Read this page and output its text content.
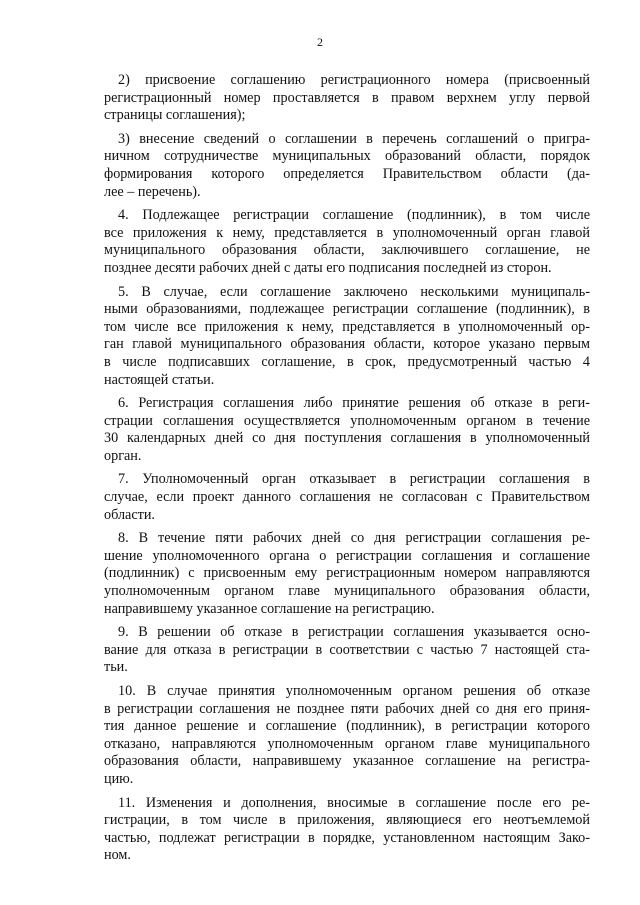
2

2) присвоение соглашению регистрационного номера (присвоенный
регистрационный номер проставляется в правом верхнем углу первой
страницы соглашения);

3) внесение сведений о соглашении в перечень соглашений о пригра-
ничном сотрудничестве муниципальных образований области, порядок
формирования которого определяется Правительством области (да-
лее – перечень).

4. Подлежащее регистрации соглашение (подлинник), в том числе
все приложения к нему, представляется в уполномоченный орган главой
муниципального образования области, заключившего соглашение, не
позднее десяти рабочих дней с даты его подписания последней из сторон.

5. В случае, если соглашение заключено несколькими муниципаль-
ными образованиями, подлежащее регистрации соглашение (подлинник), в
том числе все приложения к нему, представляется в уполномоченный ор-
ган главой муниципального образования области, которое указано первым
в числе подписавших соглашение, в срок, предусмотренный частью 4
настоящей статьи.

6. Регистрация соглашения либо принятие решения об отказе в реги-
страции соглашения осуществляется уполномоченным органом в течение
30 календарных дней со дня поступления соглашения в уполномоченный
орган.

7. Уполномоченный орган отказывает в регистрации соглашения в
случае, если проект данного соглашения не согласован с Правительством
области.

8. В течение пяти рабочих дней со дня регистрации соглашения ре-
шение уполномоченного органа о регистрации соглашения и соглашение
(подлинник) с присвоенным ему регистрационным номером направляются
уполномоченным органом главе муниципального образования области,
направившему указанное соглашение на регистрацию.

9. В решении об отказе в регистрации соглашения указывается осно-
вание для отказа в регистрации в соответствии с частью 7 настоящей ста-
тьи.

10. В случае принятия уполномоченным органом решения об отказе
в регистрации соглашения не позднее пяти рабочих дней со дня его приня-
тия данное решение и соглашение (подлинник), в регистрации которого
отказано, направляются уполномоченным органом главе муниципального
образования области, направившему указанное соглашение на регистра-
цию.

11. Изменения и дополнения, вносимые в соглашение после его ре-
гистрации, в том числе в приложения, являющиеся его неотъемлемой
частью, подлежат регистрации в порядке, установленном настоящим Зако-
ном.
